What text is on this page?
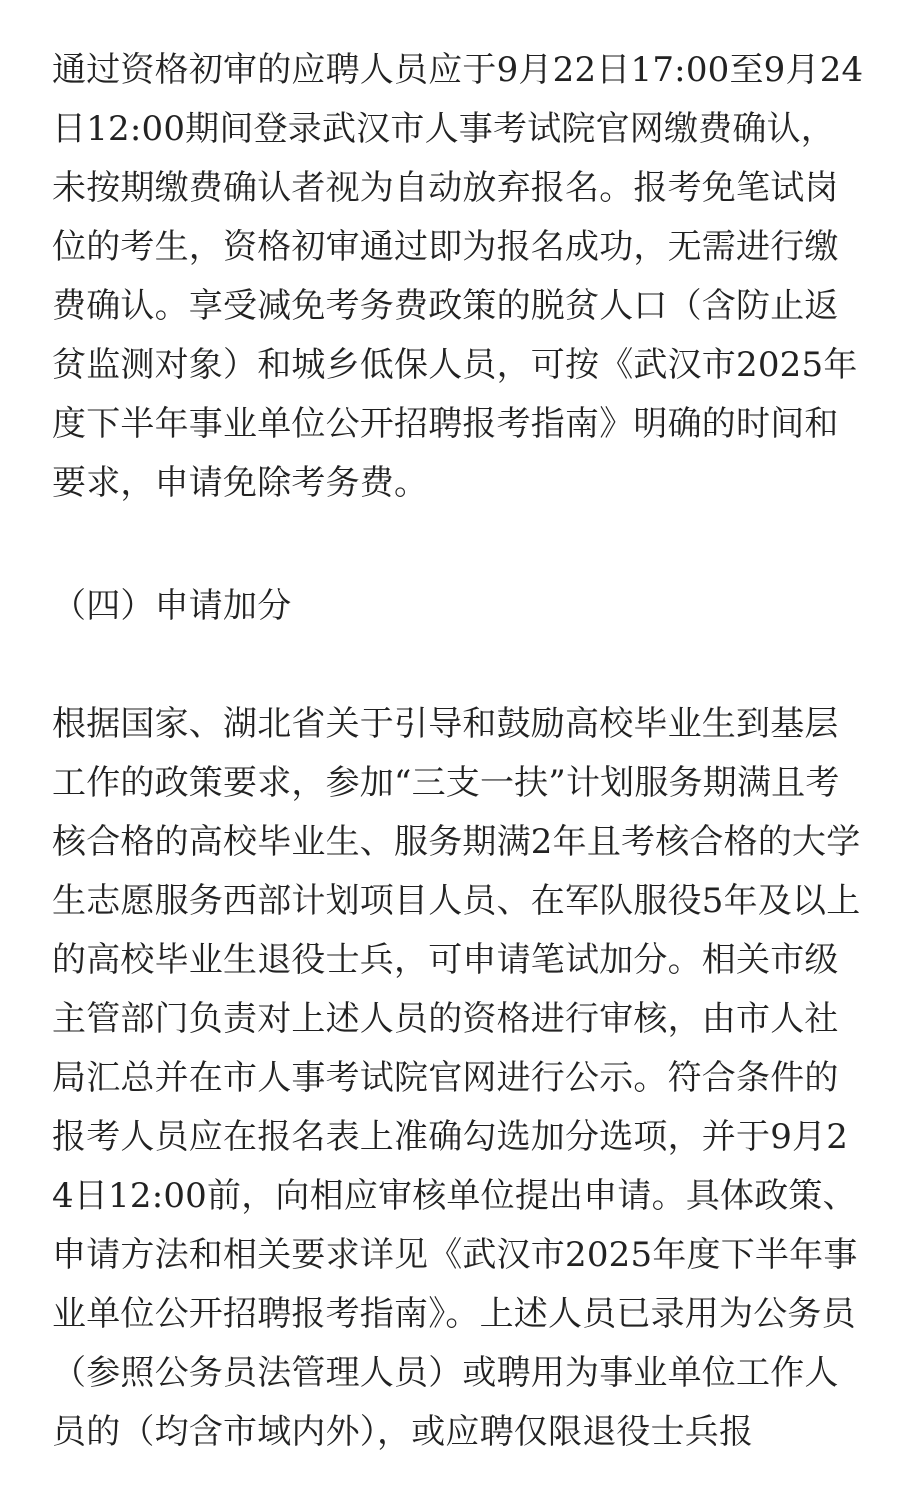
通过资格初审的应聘人员应于9月22日17:00至9月24日12:00期间登录武汉市人事考试院官网缴费确认，未按期缴费确认者视为自动放弃报名。报考免笔试岗位的考生，资格初审通过即为报名成功，无需进行缴费确认。享受减免考务费政策的脱贫人口（含防止返贫监测对象）和城乡低保人员，可按《武汉市2025年度下半年事业单位公开招聘报考指南》明确的时间和要求，申请免除考务费。

（四）申请加分

根据国家、湖北省关于引导和鼓励高校毕业生到基层工作的政策要求，参加“三支一扶”计划服务期满且考核合格的高校毕业生、服务期满2年且考核合格的大学生志愿服务西部计划项目人员、在军队服役5年及以上的高校毕业生退役士兵，可申请笔试加分。相关市级主管部门负责对上述人员的资格进行审核，由市人社局汇总并在市人事考试院官网进行公示。符合条件的报考人员应在报名表上准确勾选加分选项，并于9月24日12:00前，向相应审核单位提出申请。具体政策、申请方法和相关要求详见《武汉市2025年度下半年事业单位公开招聘报考指南》。上述人员已录用为公务员（参照公务员法管理人员）或聘用为事业单位工作人员的（均含市域内外），或应聘仅限退役士兵报
